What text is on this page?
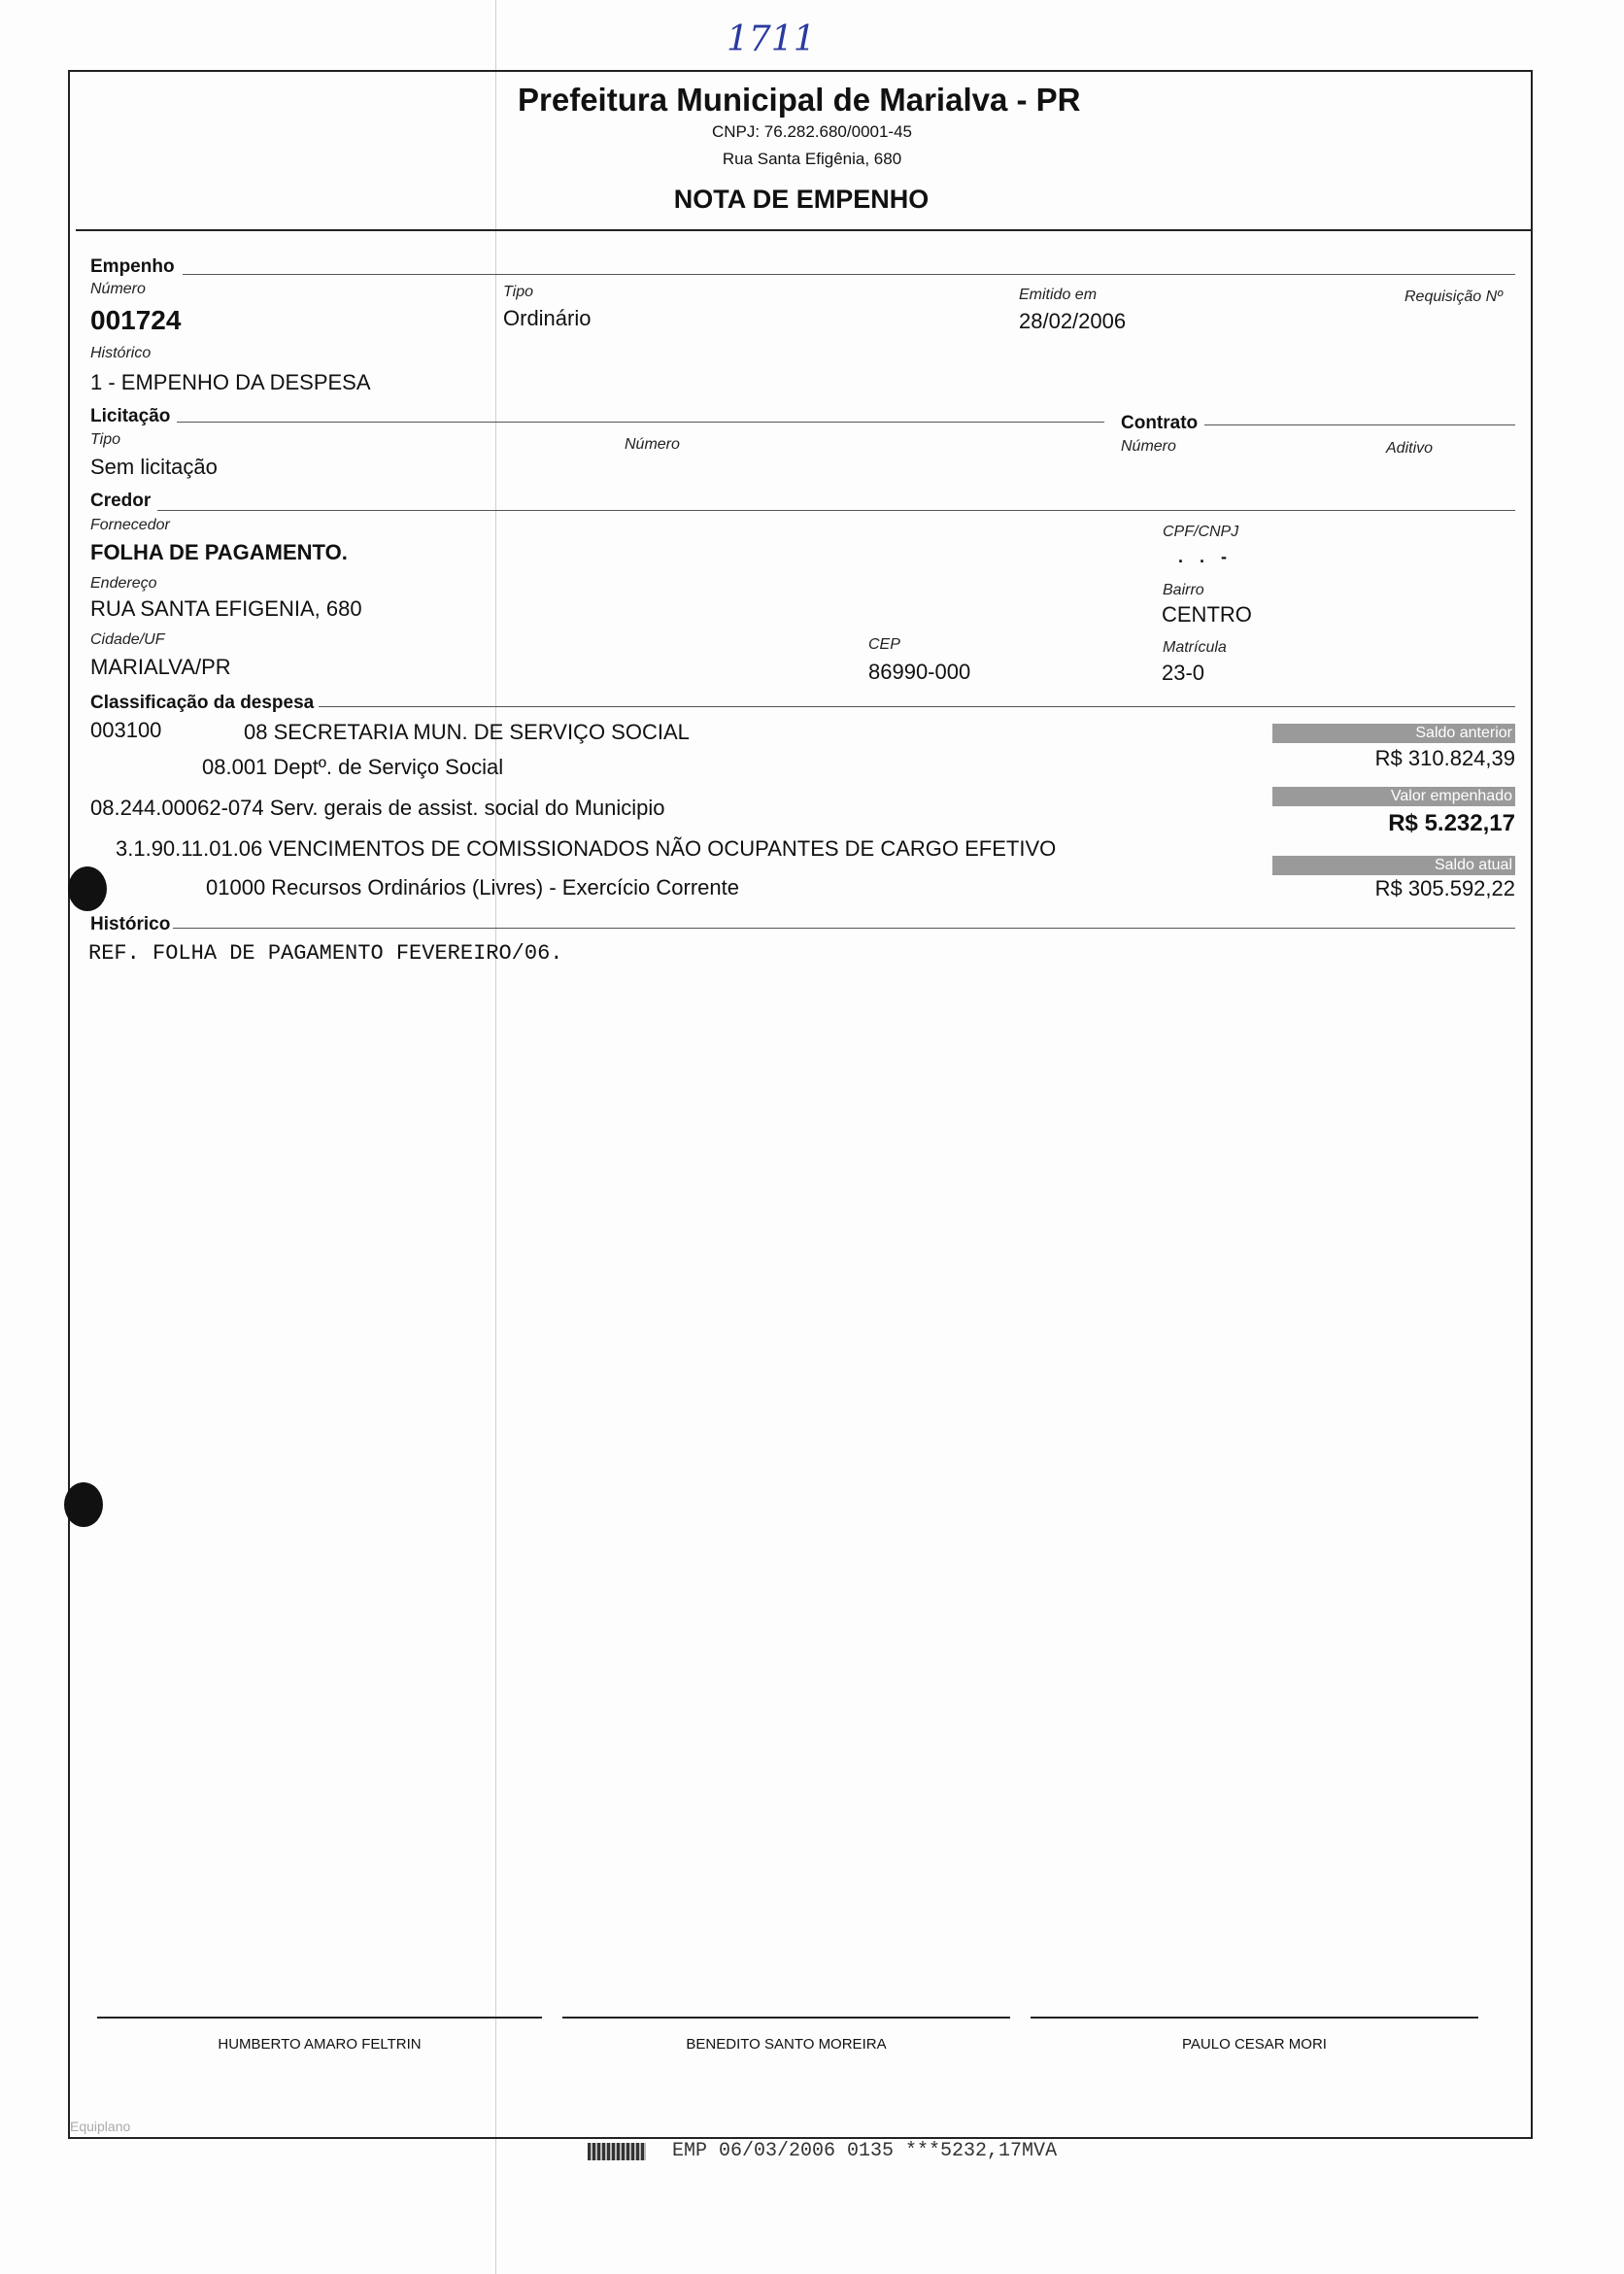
1711
Prefeitura Municipal de Marialva - PR
CNPJ: 76.282.680/0001-45
Rua Santa Efigênia, 680
NOTA DE EMPENHO
Empenho
Número
001724
Tipo
Ordinário
Emitido em
28/02/2006
Requisição Nº
Histórico
1 - EMPENHO DA DESPESA
Licitação
Tipo
Sem licitação
Número
Contrato
Número	Aditivo
Credor
Fornecedor
FOLHA DE PAGAMENTO.
CPF/CNPJ
. . -
Endereço
RUA SANTA EFIGENIA, 680
Bairro
CENTRO
Cidade/UF
MARIALVA/PR
CEP
86990-000
Matrícula
23-0
Classificação da despesa
003100	08 SECRETARIA MUN. DE SERVIÇO SOCIAL
08.001 Deptº. de Serviço Social
08.244.00062-074 Serv. gerais de assist. social do Municipio
3.1.90.11.01.06 VENCIMENTOS DE COMISSIONADOS NÃO OCUPANTES DE CARGO EFETIVO
01000 Recursos Ordinários (Livres) - Exercício Corrente
Saldo anterior
R$ 310.824,39
Valor empenhado
R$ 5.232,17
Saldo atual
R$ 305.592,22
Histórico
REF. FOLHA DE PAGAMENTO FEVEREIRO/06.
HUMBERTO AMARO FELTRIN	BENEDITO SANTO MOREIRA	PAULO CESAR MORI
Equiplano
EMP 06/03/2006 0135 ***5232,17MVA
